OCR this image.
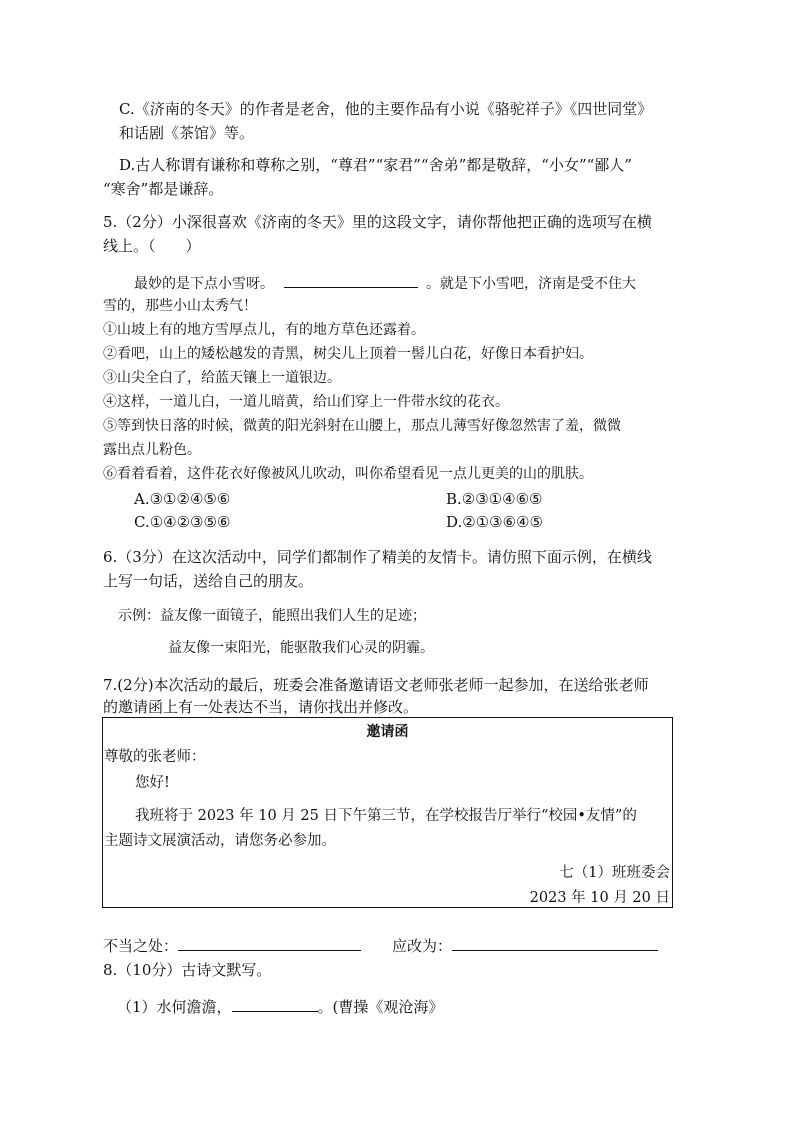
C.《济南的冬天》的作者是老舍，他的主要作品有小说《骆驼祥子》《四世同堂》
和话剧《茶馆》等。
D.古人称谓有谦称和尊称之别，“尊君”“家君”“舍弟”都是敬辞，“小女”“鄙人”
“寒舍”都是谦辞。
5.（2分）小深很喜欢《济南的冬天》里的这段文字，请你帮他把正确的选项写在横
线上。（　　）
最妙的是下点小雪呀。	。就是下小雪吧，济南是受不住大
雪的，那些小山太秀气！
①山坡上有的地方雪厚点儿，有的地方草色还露着。
②看吧，山上的矮松越发的青黑，树尖儿上顶着一髻儿白花，好像日本看护妇。
③山尖全白了，给蓝天镶上一道银边。
④这样，一道儿白，一道儿暗黄，给山们穿上一件带水纹的花衣。
⑤等到快日落的时候，微黄的阳光斜射在山腰上，那点儿薄雪好像忽然害了羞，微微
露出点儿粉色。
⑥看着看着，这件花衣好像被风儿吹动，叫你希望看见一点儿更美的山的肌肤。
A.③①②④⑤⑥	B.②③①④⑥⑤
C.①④②③⑤⑥	D.②①③⑥④⑤
6.（3分）在这次活动中，同学们都制作了精美的友情卡。请仿照下面示例，在横线
上写一句话，送给自己的朋友。
示例：益友像一面镜子，能照出我们人生的足迹；
益友像一束阳光，能驱散我们心灵的阴霾。
7.(2分)本次活动的最后，班委会准备邀请语文老师张老师一起参加，在送给张老师
的邀请函上有一处表达不当，请你找出并修改。
邀请函
尊敬的张老师：
您好!
我班将于 2023 年 10 月 25 日下午第三节，在学校报告厅举行“校园•友情”的
主题诗文展演活动，请您务必参加。
七（1）班班委会
2023 年 10 月 20 日
不当之处：	应改为：
8.（10分）古诗文默写。
（1）水何澹澹，	。(曹操《观沧海》
